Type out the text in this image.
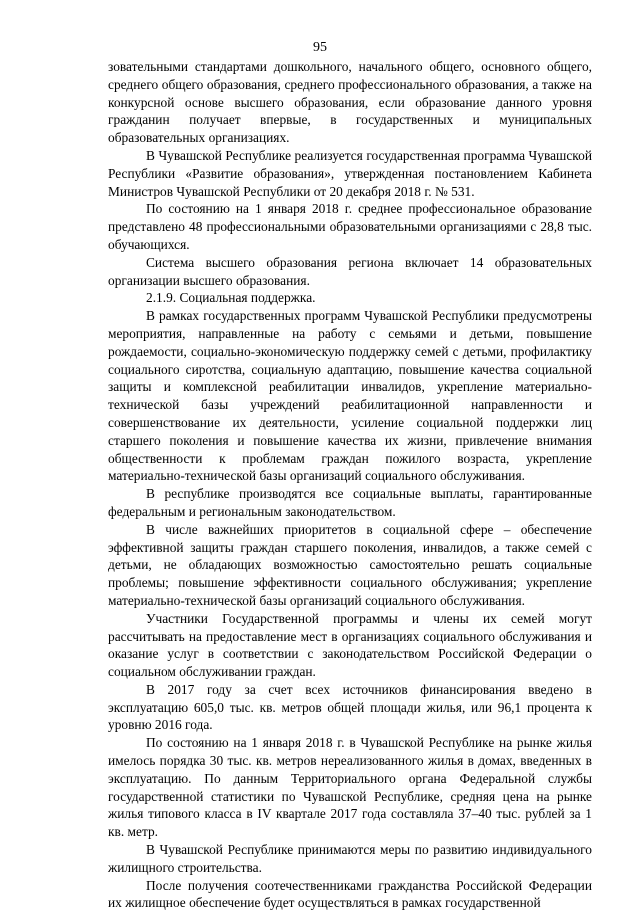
95

зовательными стандартами дошкольного, начального общего, основного общего, среднего общего образования, среднего профессионального образования, а также на конкурсной основе высшего образования, если образование данного уровня гражданин получает впервые, в государственных и муниципальных образовательных организациях.

В Чувашской Республике реализуется государственная программа Чувашской Республики «Развитие образования», утвержденная постановлением Кабинета Министров Чувашской Республики от 20 декабря 2018 г. № 531.

По состоянию на 1 января 2018 г. среднее профессиональное образование представлено 48 профессиональными образовательными организациями с 28,8 тыс. обучающихся.

Система высшего образования региона включает 14 образовательных организации высшего образования.

2.1.9. Социальная поддержка.

В рамках государственных программ Чувашской Республики предусмотрены мероприятия, направленные на работу с семьями и детьми, повышение рождаемости, социально-экономическую поддержку семей с детьми, профилактику социального сиротства, социальную адаптацию, повышение качества социальной защиты и комплексной реабилитации инвалидов, укрепление материально-технической базы учреждений реабилитационной направленности и совершенствование их деятельности, усиление социальной поддержки лиц старшего поколения и повышение качества их жизни, привлечение внимания общественности к проблемам граждан пожилого возраста, укрепление материально-технической базы организаций социального обслуживания.

В республике производятся все социальные выплаты, гарантированные федеральным и региональным законодательством.

В числе важнейших приоритетов в социальной сфере – обеспечение эффективной защиты граждан старшего поколения, инвалидов, а также семей с детьми, не обладающих возможностью самостоятельно решать социальные проблемы; повышение эффективности социального обслуживания; укрепление материально-технической базы организаций социального обслуживания.

Участники Государственной программы и члены их семей могут рассчитывать на предоставление мест в организациях социального обслуживания и оказание услуг в соответствии с законодательством Российской Федерации о социальном обслуживании граждан.

В 2017 году за счет всех источников финансирования введено в эксплуатацию 605,0 тыс. кв. метров общей площади жилья, или 96,1 процента к уровню 2016 года.

По состоянию на 1 января 2018 г. в Чувашской Республике на рынке жилья имелось порядка 30 тыс. кв. метров нереализованного жилья в домах, введенных в эксплуатацию. По данным Территориального органа Федеральной службы государственной статистики по Чувашской Республике, средняя цена на рынке жилья типового класса в IV квартале 2017 года составляла 37–40 тыс. рублей за 1 кв. метр.

В Чувашской Республике принимаются меры по развитию индивидуального жилищного строительства.

После получения соотечественниками гражданства Российской Федерации их жилищное обеспечение будет осуществляться в рамках государственной
